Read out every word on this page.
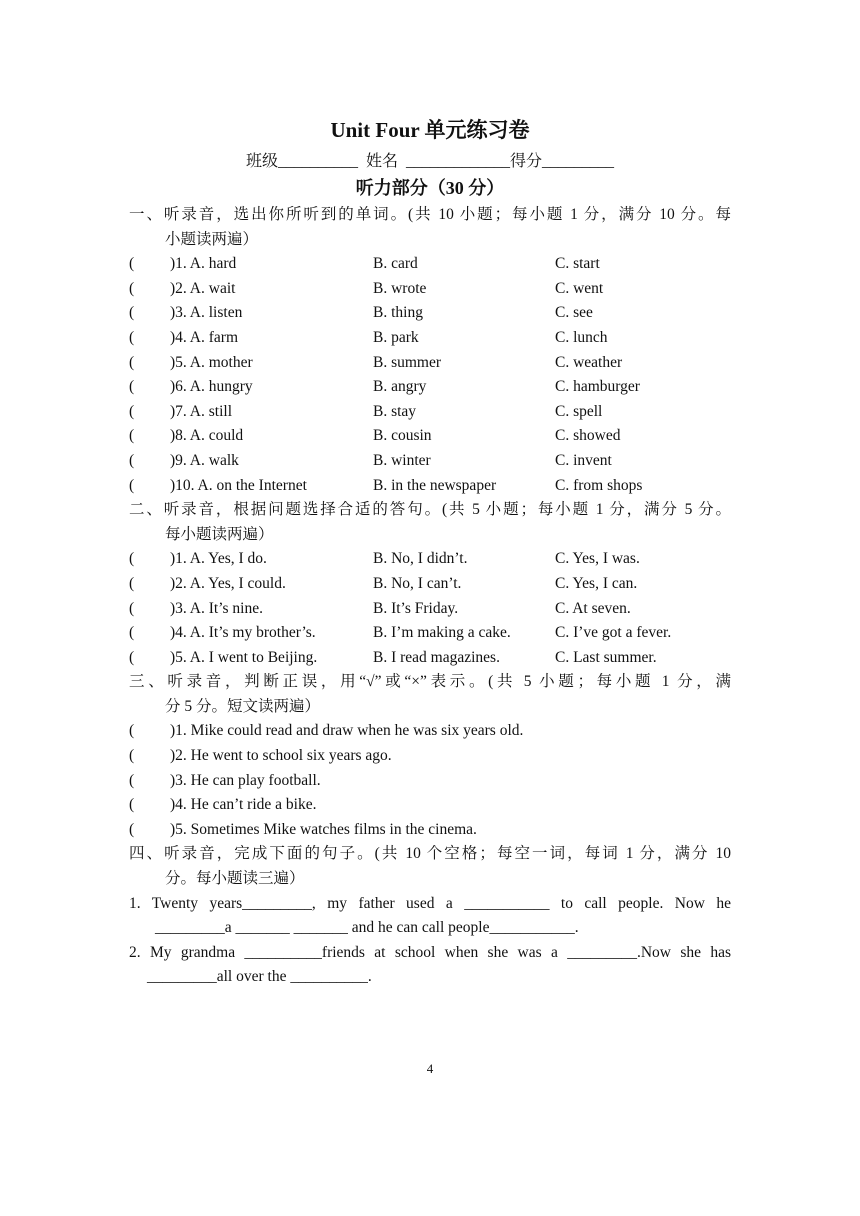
Unit Four 单元练习卷
班级__________  姓名  _____________得分_________
听力部分（30 分）
一、听录音，选出你所听到的单词。(共 10 小题；每小题 1 分，满分 10 分。每
小题读两遍）
( )1. A. hard	B. card	C. start
( )2. A. wait	B. wrote	C. went
( )3. A. listen	B. thing	C. see
( )4. A. farm	B. park	C. lunch
( )5. A. mother	B. summer	C. weather
( )6. A. hungry	B. angry	C. hamburger
( )7. A. still	B. stay	C. spell
( )8. A. could	B. cousin	C. showed
( )9. A. walk	B. winter	C. invent
( )10. A. on the Internet	B. in the newspaper	C. from shops
二、听录音，根据问题选择合适的答句。(共 5 小题；每小题 1 分，满分 5 分。
每小题读两遍）
( )1. A. Yes, I do.	B. No, I didn’t.	C. Yes, I was.
( )2. A. Yes, I could.	B. No, I can’t.	C. Yes, I can.
( )3. A. It’s nine.	B. It’s Friday.	C. At seven.
( )4. A. It’s my brother’s.	B. I’m making a cake.	C. I’ve got a fever.
( )5. A. I went to Beijing.	B. I read magazines.	C. Last summer.
三、听录音，判断正误，用“√”或“×”表示。(共 5 小题；每小题 1 分，满
分 5 分。短文读两遍）
( )1. Mike could read and draw when he was six years old.
( )2. He went to school six years ago.
( )3. He can play football.
( )4. He can’t ride a bike.
( )5. Sometimes Mike watches films in the cinema.
四、听录音，完成下面的句子。(共 10 个空格；每空一词，每词 1 分，满分 10
分。每小题读三遍）
1. Twenty years_________, my father used a ___________ to call people. Now he
_________a _______ _______ and he can call people___________.
2. My grandma __________friends at school when she was a _________.Now she has
_________all over the __________.
4
